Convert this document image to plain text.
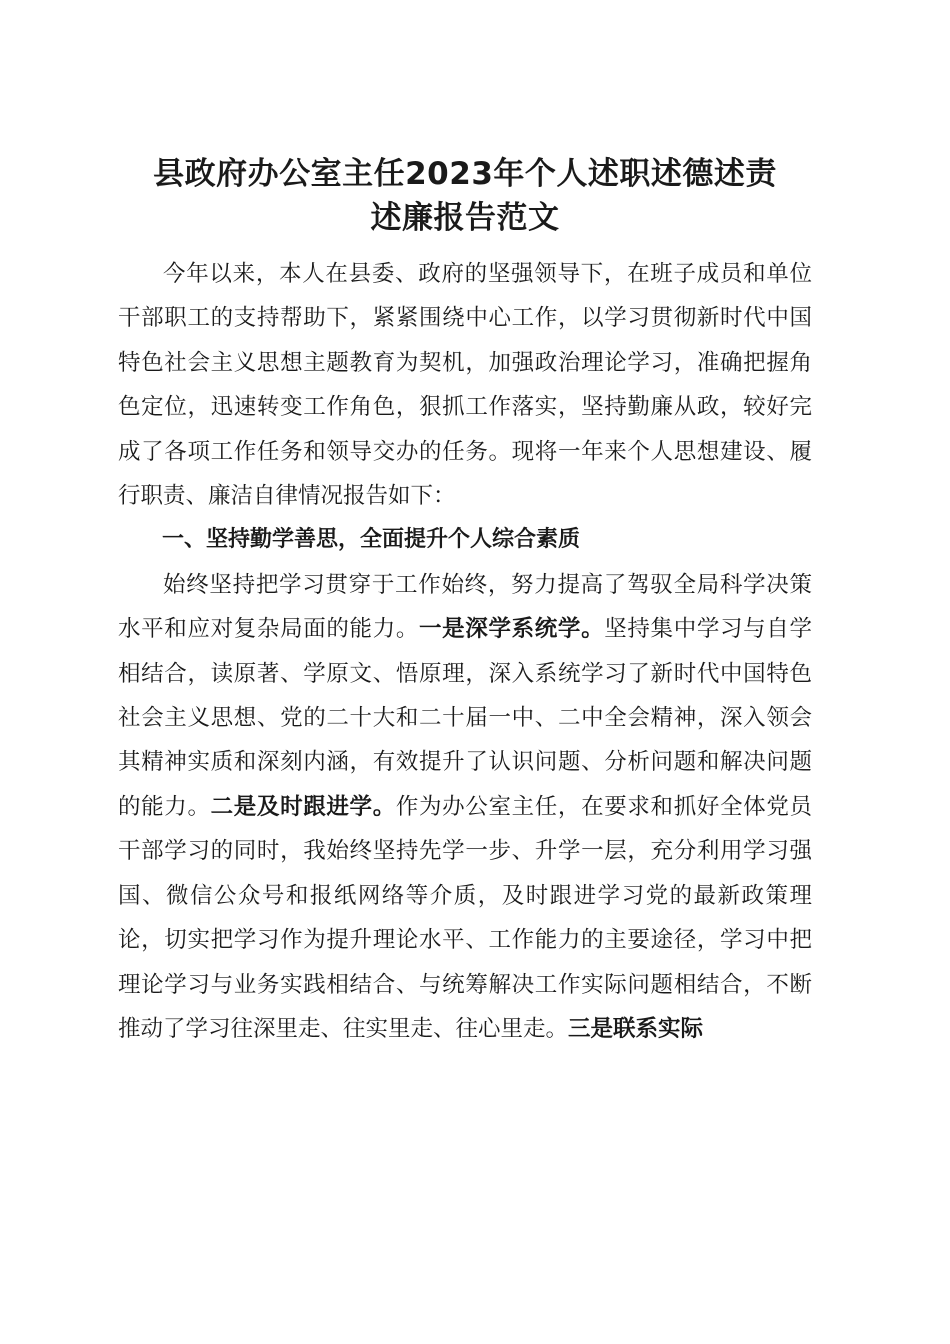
县政府办公室主任2023年个人述职述德述责
述廉报告范文

今年以来，本人在县委、政府的坚强领导下，在班子成员和单位干部职工的支持帮助下，紧紧围绕中心工作，以学习贯彻新时代中国特色社会主义思想主题教育为契机，加强政治理论学习，准确把握角色定位，迅速转变工作角色，狠抓工作落实，坚持勤廉从政，较好完成了各项工作任务和领导交办的任务。现将一年来个人思想建设、履行职责、廉洁自律情况报告如下：

一、坚持勤学善思，全面提升个人综合素质

始终坚持把学习贯穿于工作始终，努力提高了驾驭全局科学决策水平和应对复杂局面的能力。一是深学系统学。坚持集中学习与自学相结合，读原著、学原文、悟原理，深入系统学习了新时代中国特色社会主义思想、党的二十大和二十届一中、二中全会精神，深入领会其精神实质和深刻内涵，有效提升了认识问题、分析问题和解决问题的能力。二是及时跟进学。作为办公室主任，在要求和抓好全体党员干部学习的同时，我始终坚持先学一步、升学一层，充分利用学习强国、微信公众号和报纸网络等介质，及时跟进学习党的最新政策理论，切实把学习作为提升理论水平、工作能力的主要途径，学习中把理论学习与业务实践相结合、与统筹解决工作实际问题相结合，不断推动了学习往深里走、往实里走、往心里走。三是联系实际
